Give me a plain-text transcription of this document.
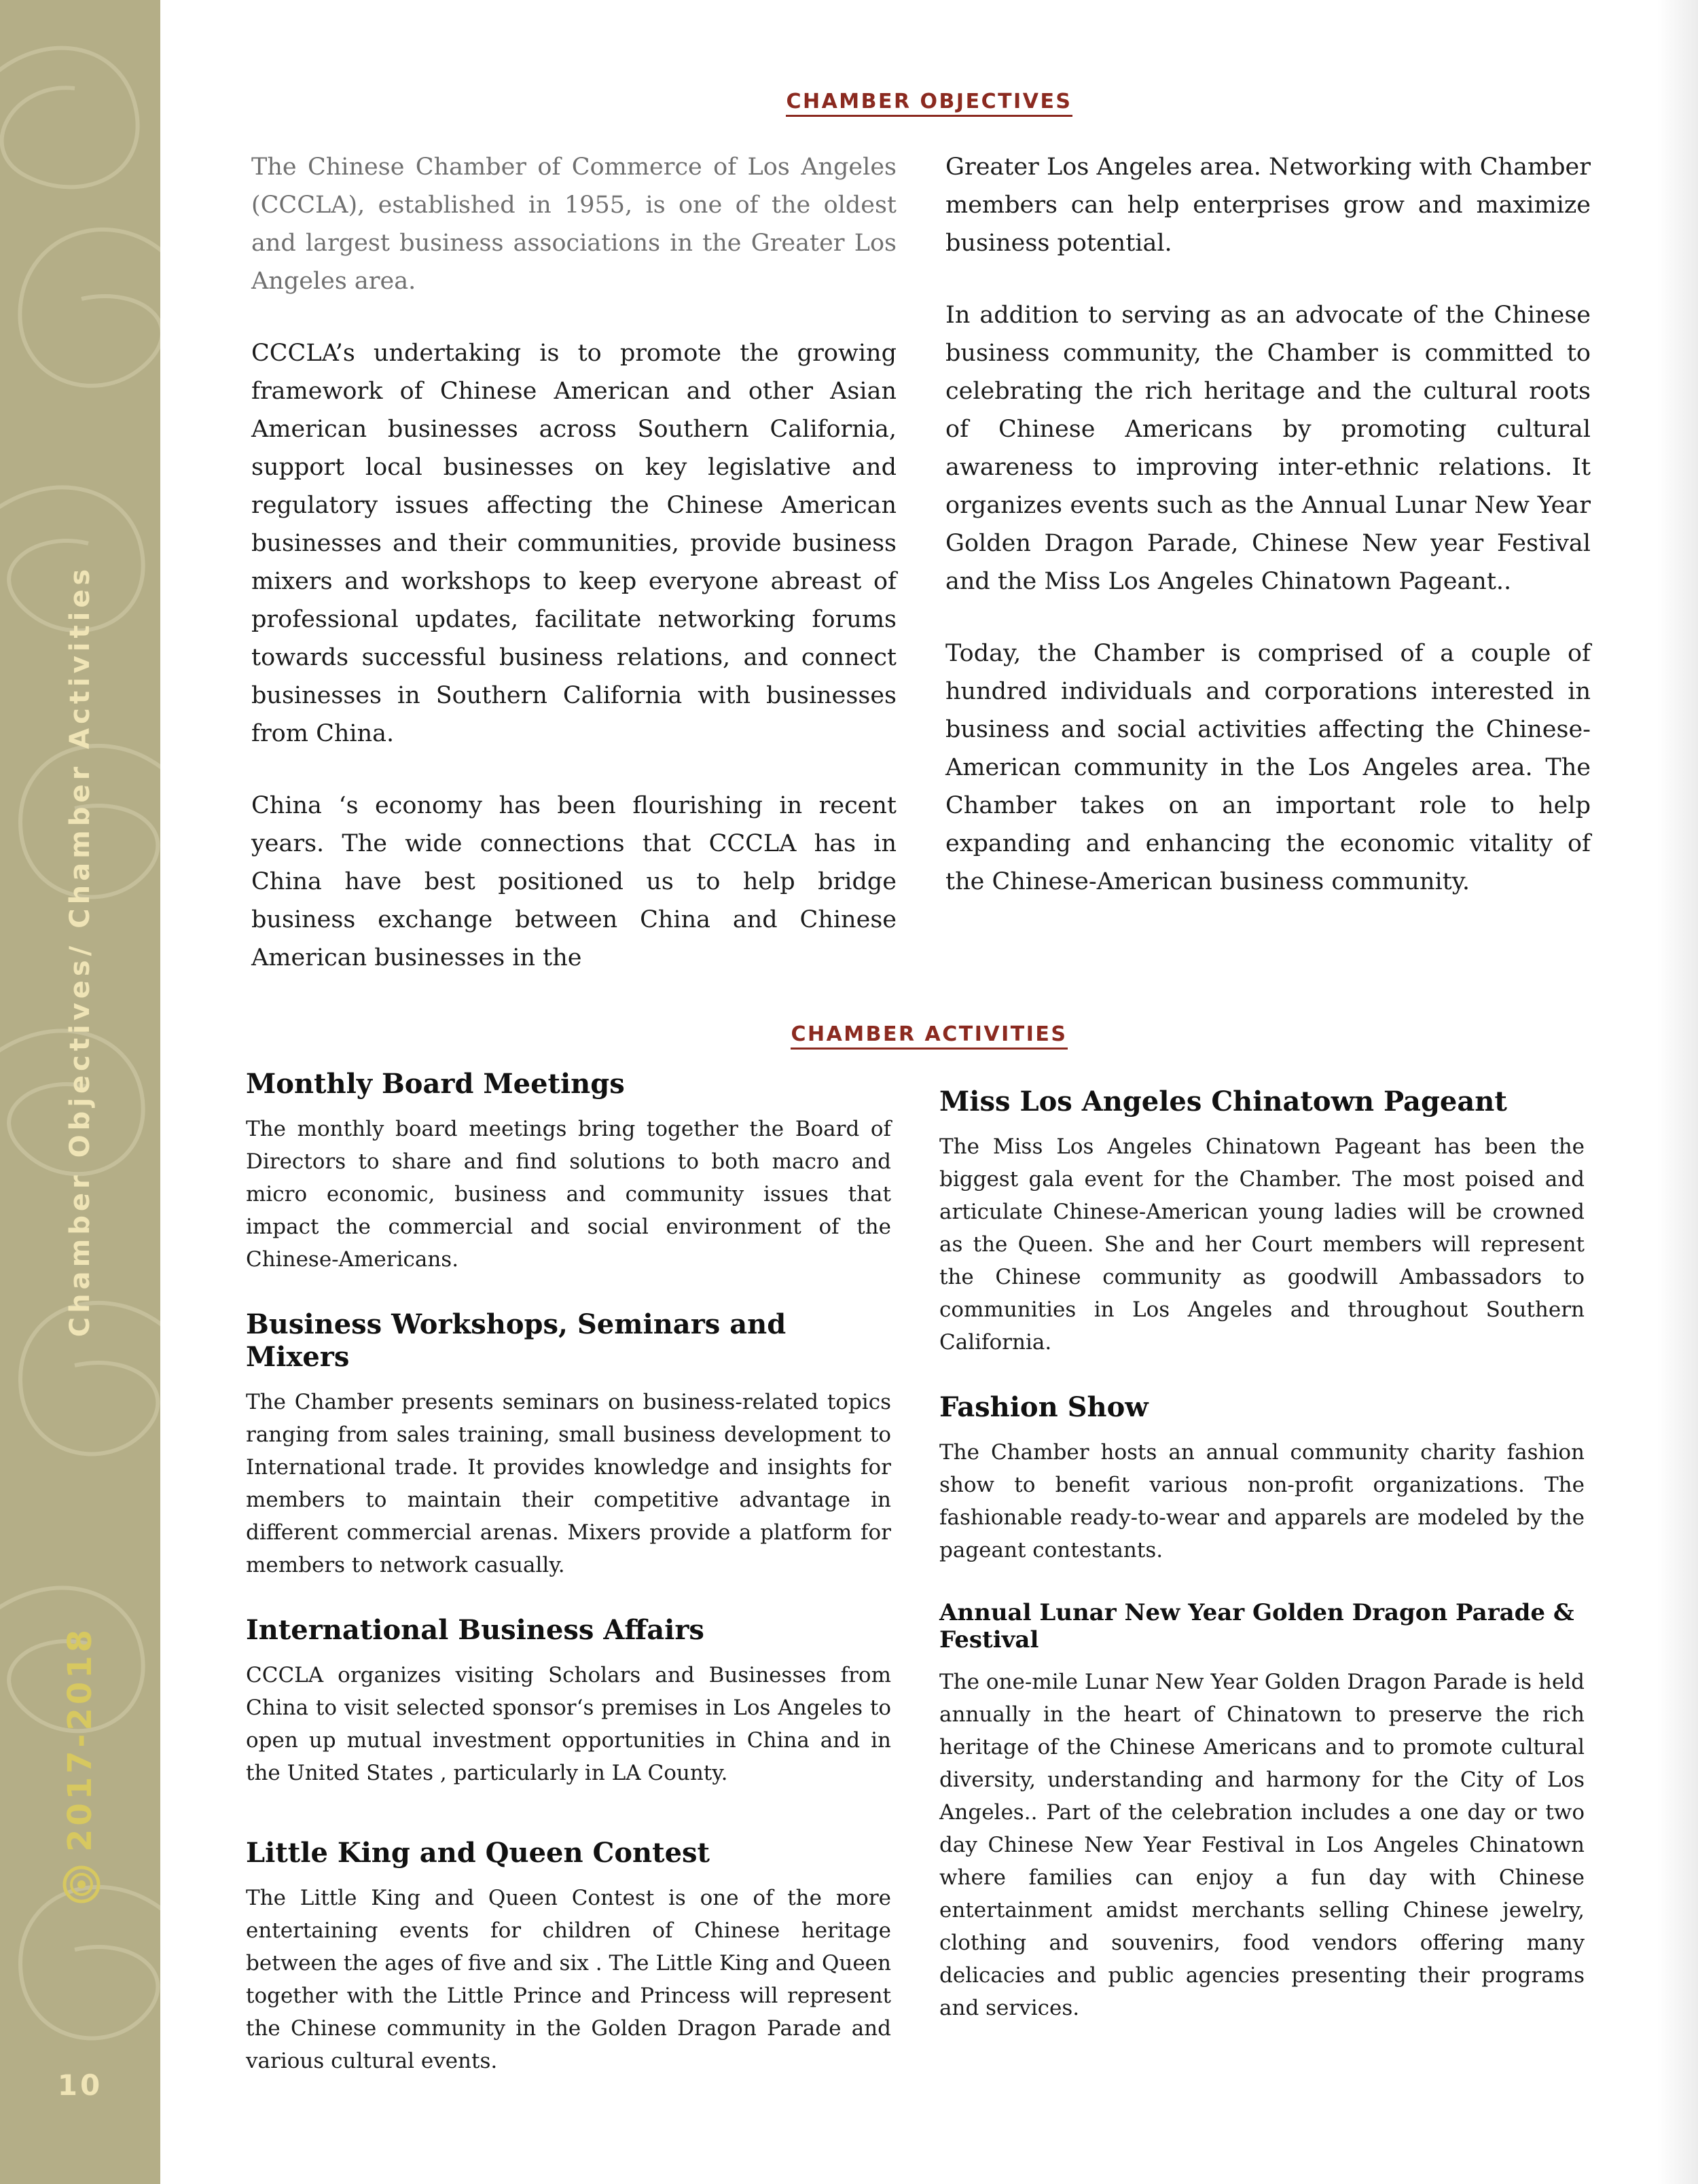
Chamber Objectives/ Chamber Activities
2017-2018
10
CHAMBER OBJECTIVES

The Chinese Chamber of Commerce of Los Angeles (CCCLA), established in 1955, is one of the oldest and largest business associations in the Greater Los Angeles area.

CCCLA’s undertaking is to promote the growing framework of Chinese American and other Asian American businesses across Southern California, support local businesses on key legislative and regulatory issues affecting the Chinese American businesses and their communities, provide business mixers and workshops to keep everyone abreast of professional updates, facilitate networking forums towards successful business relations, and connect businesses in Southern California with businesses from China.

China ‘s economy has been flourishing in recent years. The wide connections that CCCLA has in China have best positioned us to help bridge business exchange between China and Chinese American businesses in the

Greater Los Angeles area. Networking with Chamber members can help enterprises grow and maximize business potential.

In addition to serving as an advocate of the Chinese business community, the Chamber is committed to celebrating the rich heritage and the cultural roots of Chinese Americans by promoting cultural awareness to improving inter-ethnic relations. It organizes events such as the Annual Lunar New Year Golden Dragon Parade, Chinese New year Festival and the Miss Los Angeles Chinatown Pageant..

Today, the Chamber is comprised of a couple of hundred individuals and corporations interested in business and social activities affecting the Chinese-American community in the Los Angeles area. The Chamber takes on an important role to help expanding and enhancing the economic vitality of the Chinese-American business community.

CHAMBER ACTIVITIES
Monthly Board Meetings

The monthly board meetings bring together the Board of Directors to share and find solutions to both macro and micro economic, business and community issues that impact the commercial and social environment of the Chinese-Americans.

Business Workshops, Seminars and Mixers

The Chamber presents seminars on business-related topics ranging from sales training, small business development to International trade. It provides knowledge and insights for members to maintain their competitive advantage in different commercial arenas. Mixers provide a platform for members to network casually.

International Business Affairs

CCCLA organizes visiting Scholars and Businesses from China to visit selected sponsor‘s premises in Los Angeles to open up mutual investment opportunities in China and in the United States , particularly in LA County.

Little King and Queen Contest

The Little King and Queen Contest is one of the more entertaining events for children of Chinese heritage between the ages of five and six . The Little King and Queen together with the Little Prince and Princess will represent the Chinese community in the Golden Dragon Parade and various cultural events.

Miss Los Angeles Chinatown Pageant

The Miss Los Angeles Chinatown Pageant has been the biggest gala event for the Chamber. The most poised and articulate Chinese-American young ladies will be crowned as the Queen. She and her Court members will represent the Chinese community as goodwill Ambassadors to communities in Los Angeles and throughout Southern California.

Fashion Show

The Chamber hosts an annual community charity fashion show to benefit various non-profit organizations. The fashionable ready-to-wear and apparels are modeled by the pageant contestants.

Annual Lunar New Year Golden Dragon Parade & Festival

The one-mile Lunar New Year Golden Dragon Parade is held annually in the heart of Chinatown to preserve the rich heritage of the Chinese Americans and to promote cultural diversity, understanding and harmony for the City of Los Angeles.. Part of the celebration includes a one day or two day Chinese New Year Festival in Los Angeles Chinatown where families can enjoy a fun day with Chinese entertainment amidst merchants selling Chinese jewelry, clothing and souvenirs, food vendors offering many delicacies and public agencies presenting their programs and services.
